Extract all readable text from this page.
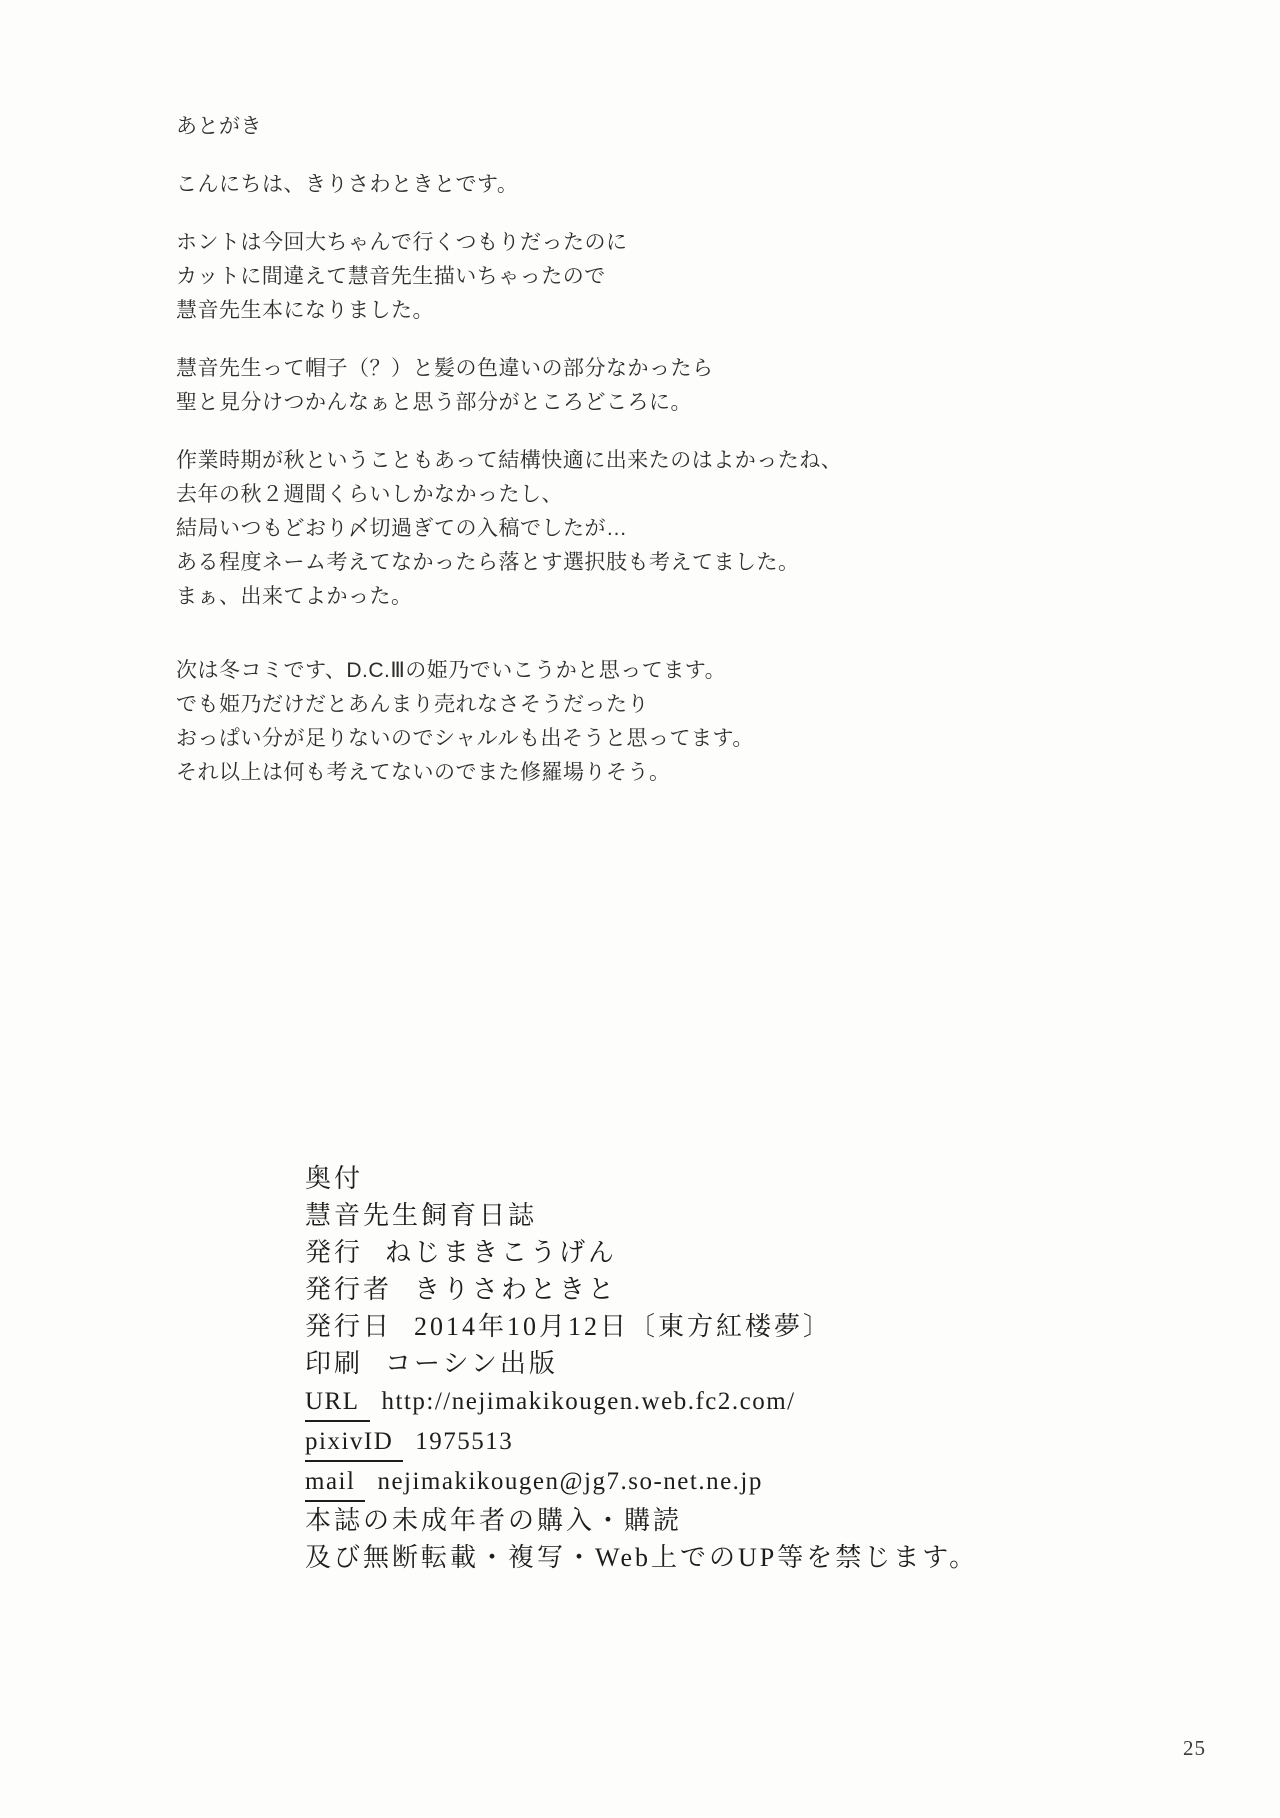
あとがき
こんにちは、きりさわときとです。
ホントは今回大ちゃんで行くつもりだったのに
カットに間違えて慧音先生描いちゃったので
慧音先生本になりました。
慧音先生って帽子（？）と髪の色違いの部分なかったら
聖と見分けつかんなぁと思う部分がところどころに。
作業時期が秋ということもあって結構快適に出来たのはよかったね、
去年の秋２週間くらいしかなかったし、
結局いつもどおり〆切過ぎての入稿でしたが…
ある程度ネーム考えてなかったら落とす選択肢も考えてました。
まぁ、出来てよかった。
次は冬コミです、D.C.Ⅲの姫乃でいこうかと思ってます。
でも姫乃だけだとあんまり売れなさそうだったり
おっぱい分が足りないのでシャルルも出そうと思ってます。
それ以上は何も考えてないのでまた修羅場りそう。
奥付
慧音先生飼育日誌
発行 ねじまきこうげん
発行者 きりさわときと
発行日 2014年10月12日〔東方紅楼夢〕
印刷 コーシン出版
URL http://nejimakikougen.web.fc2.com/
pixivID 1975513
mail nejimakikougen@jg7.so-net.ne.jp
本誌の未成年者の購入・購読
及び無断転載・複写・Web上でのUP等を禁じます。
25
